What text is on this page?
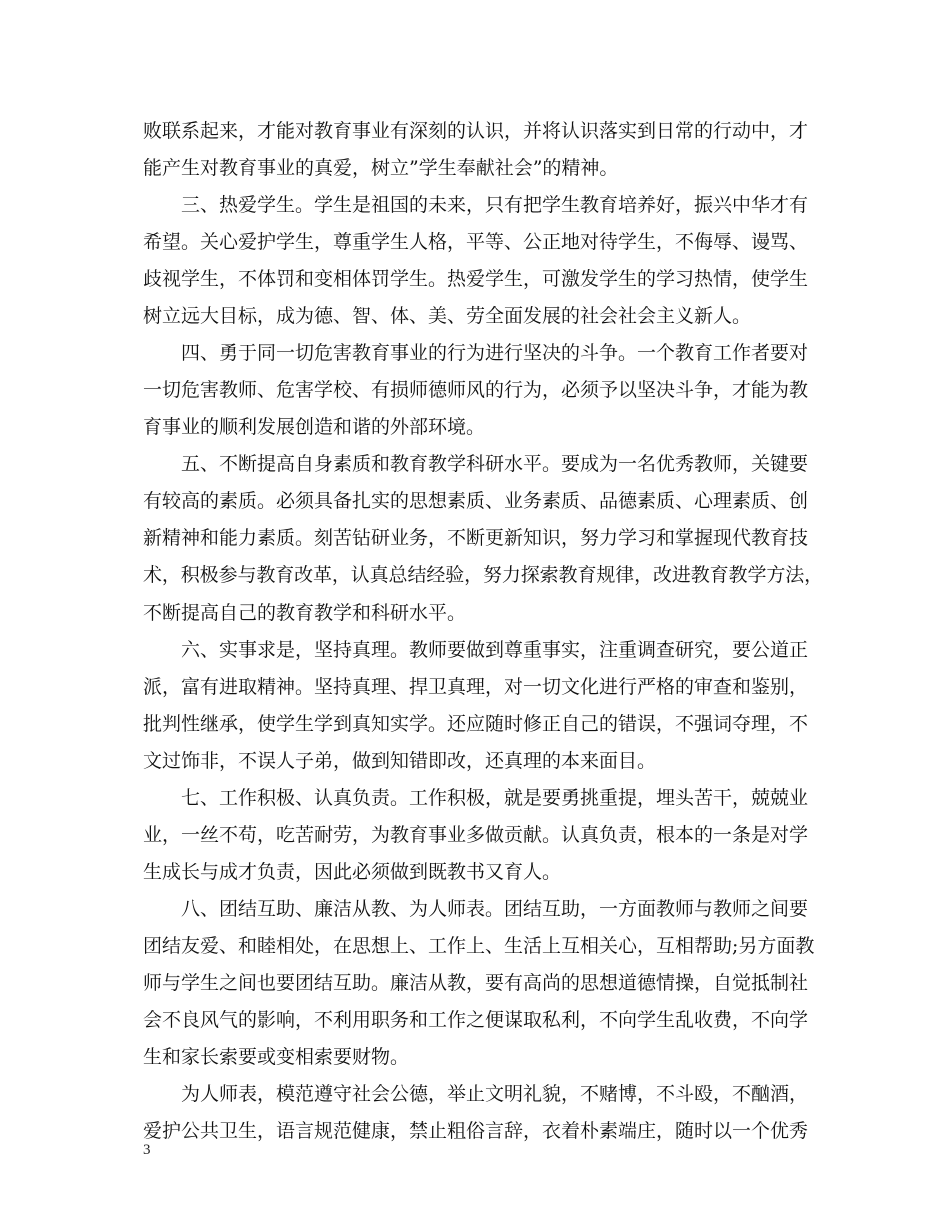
败联系起来，才能对教育事业有深刻的认识，并将认识落实到日常的行动中，才
能产生对教育事业的真爱，树立”学生奉献社会”的精神。
　　三、热爱学生。学生是祖国的未来，只有把学生教育培养好，振兴中华才有
希望。关心爱护学生，尊重学生人格，平等、公正地对待学生，不侮辱、谩骂、
歧视学生，不体罚和变相体罚学生。热爱学生，可激发学生的学习热情，使学生
树立远大目标，成为德、智、体、美、劳全面发展的社会社会主义新人。
　　四、勇于同一切危害教育事业的行为进行坚决的斗争。一个教育工作者要对
一切危害教师、危害学校、有损师德师风的行为，必须予以坚决斗争，才能为教
育事业的顺利发展创造和谐的外部环境。
　　五、不断提高自身素质和教育教学科研水平。要成为一名优秀教师，关键要
有较高的素质。必须具备扎实的思想素质、业务素质、品德素质、心理素质、创
新精神和能力素质。刻苦钻研业务，不断更新知识，努力学习和掌握现代教育技
术，积极参与教育改革，认真总结经验，努力探索教育规律，改进教育教学方法，
不断提高自己的教育教学和科研水平。
　　六、实事求是，坚持真理。教师要做到尊重事实，注重调查研究，要公道正
派，富有进取精神。坚持真理、捍卫真理，对一切文化进行严格的审查和鉴别，
批判性继承，使学生学到真知实学。还应随时修正自己的错误，不强词夺理，不
文过饰非，不误人子弟，做到知错即改，还真理的本来面目。
　　七、工作积极、认真负责。工作积极，就是要勇挑重提，埋头苦干，兢兢业
业，一丝不苟，吃苦耐劳，为教育事业多做贡献。认真负责，根本的一条是对学
生成长与成才负责，因此必须做到既教书又育人。
　　八、团结互助、廉洁从教、为人师表。团结互助，一方面教师与教师之间要
团结友爱、和睦相处，在思想上、工作上、生活上互相关心，互相帮助;另方面教
师与学生之间也要团结互助。廉洁从教，要有高尚的思想道德情操，自觉抵制社
会不良风气的影响，不利用职务和工作之便谋取私利，不向学生乱收费，不向学
生和家长索要或变相索要财物。
　　为人师表，模范遵守社会公德，举止文明礼貌，不赌博，不斗殴，不酗酒，
爱护公共卫生，语言规范健康，禁止粗俗言辞，衣着朴素端庄，随时以一个优秀
3
